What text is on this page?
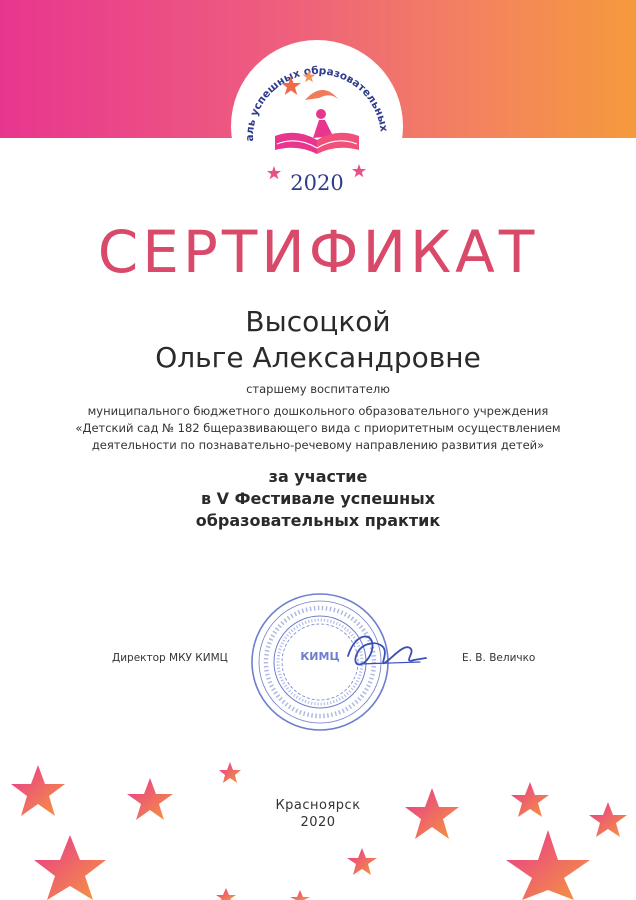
аль успешных образовательных
2020
СЕРТИФИКАТ
Высоцкой
Ольге Александровне
старшему воспитателю
муниципального бюджетного дошкольного образовательного учреждения
«Детский сад № 182 бщеразвивающего вида с приоритетным осуществлением
деятельности по познавательно-речевому направлению развития детей»
за участие
в V Фестивале успешных
образовательных практик
Директор МКУ КИМЦ	Е. В. Величко
КИМЦ
Красноярск
2020
